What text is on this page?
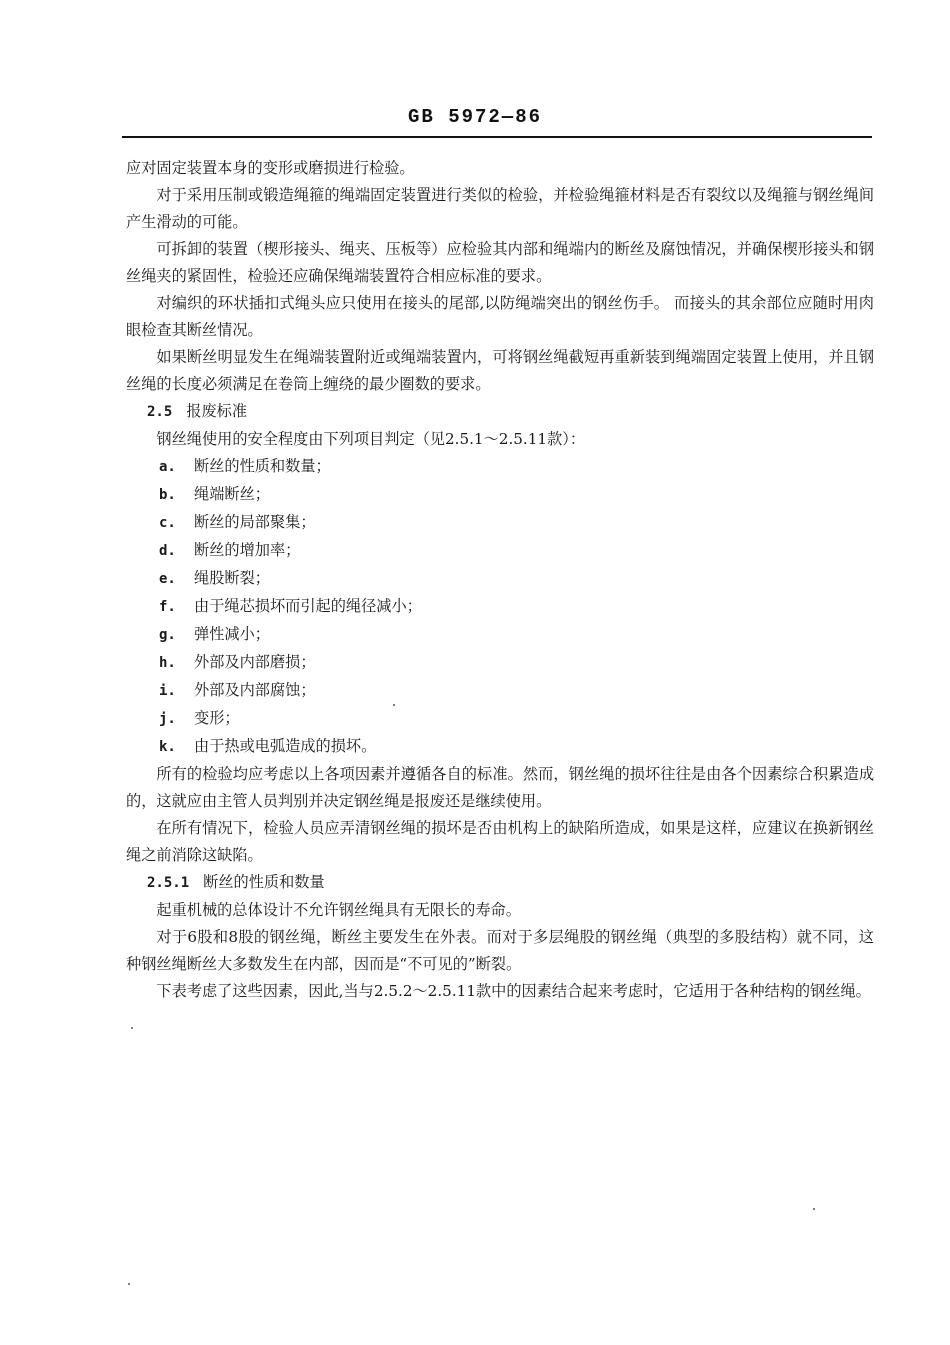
GB 5972—86

应对固定装置本身的变形或磨损进行检验。

对于采用压制或锻造绳箍的绳端固定装置进行类似的检验，并检验绳箍材料是否有裂纹以及绳箍与钢丝绳间产生滑动的可能。

可拆卸的装置（楔形接头、绳夹、压板等）应检验其内部和绳端内的断丝及腐蚀情况，并确保楔形接头和钢丝绳夹的紧固性，检验还应确保绳端装置符合相应标准的要求。

对编织的环状插扣式绳头应只使用在接头的尾部,以防绳端突出的钢丝伤手。 而接头的其余部位应随时用肉眼检查其断丝情况。

如果断丝明显发生在绳端装置附近或绳端装置内，可将钢丝绳截短再重新装到绳端固定装置上使用，并且钢丝绳的长度必须满足在卷筒上缠绕的最少圈数的要求。

2.5 报废标准

钢丝绳使用的安全程度由下列项目判定（见2.5.1～2.5.11款）：

a. 断丝的性质和数量；
b. 绳端断丝；
c. 断丝的局部聚集；
d. 断丝的增加率；
e. 绳股断裂；
f. 由于绳芯损坏而引起的绳径减小；
g. 弹性减小；
h. 外部及内部磨损；
i. 外部及内部腐蚀；
j. 变形；
k. 由于热或电弧造成的损坏。

所有的检验均应考虑以上各项因素并遵循各自的标准。然而，钢丝绳的损坏往往是由各个因素综合积累造成的，这就应由主管人员判别并决定钢丝绳是报废还是继续使用。

在所有情况下，检验人员应弄清钢丝绳的损坏是否由机构上的缺陷所造成，如果是这样，应建议在换新钢丝绳之前消除这缺陷。

2.5.1 断丝的性质和数量

起重机械的总体设计不允许钢丝绳具有无限长的寿命。

对于6股和8股的钢丝绳，断丝主要发生在外表。而对于多层绳股的钢丝绳（典型的多股结构）就不同，这种钢丝绳断丝大多数发生在内部，因而是“不可见的”断裂。

下表考虑了这些因素，因此,当与2.5.2～2.5.11款中的因素结合起来考虑时，它适用于各种结构的钢丝绳。
